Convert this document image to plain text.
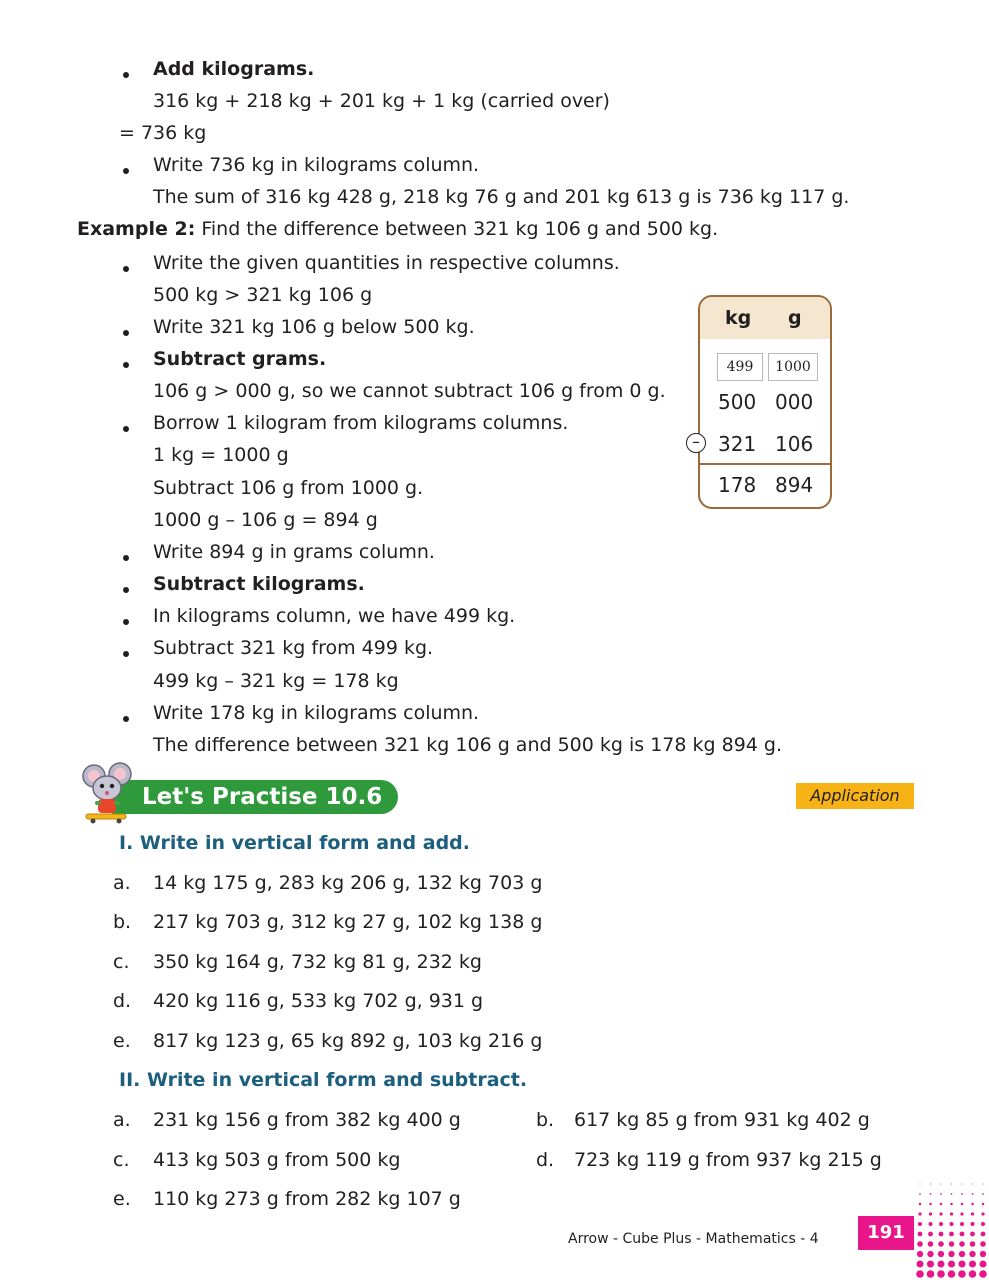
Add kilograms.
316 kg + 218 kg + 201 kg + 1 kg (carried over)
= 736 kg
Write 736 kg in kilograms column.
The sum of 316 kg 428 g, 218 kg 76 g and 201 kg 613 g is 736 kg 117 g.
Example 2: Find the difference between 321 kg 106 g and 500 kg.
Write the given quantities in respective columns.
500 kg > 321 kg 106 g
Write 321 kg 106 g below 500 kg.
Subtract grams.
106 g > 000 g, so we cannot subtract 106 g from 0 g.
Borrow 1 kilogram from kilograms columns.
1 kg = 1000 g
Subtract 106 g from 1000 g.
1000 g – 106 g = 894 g
Write 894 g in grams column.
Subtract kilograms.
In kilograms column, we have 499 kg.
Subtract 321 kg from 499 kg.
499 kg – 321 kg = 178 kg
Write 178 kg in kilograms column.
The difference between 321 kg 106 g and 500 kg is 178 kg 894 g.
kg g
499	1000
500 000
321 106
178 894
–
Let's Practise 10.6	Application
I. Write in vertical form and add.
a. 14 kg 175 g, 283 kg 206 g, 132 kg 703 g
b. 217 kg 703 g, 312 kg 27 g, 102 kg 138 g
c. 350 kg 164 g, 732 kg 81 g, 232 kg
d. 420 kg 116 g, 533 kg 702 g, 931 g
e. 817 kg 123 g, 65 kg 892 g, 103 kg 216 g
II. Write in vertical form and subtract.
a. 231 kg 156 g from 382 kg 400 g	b. 617 kg 85 g from 931 kg 402 g
c. 413 kg 503 g from 500 kg	d. 723 kg 119 g from 937 kg 215 g
e. 110 kg 273 g from 282 kg 107 g
Arrow - Cube Plus - Mathematics - 4	191
